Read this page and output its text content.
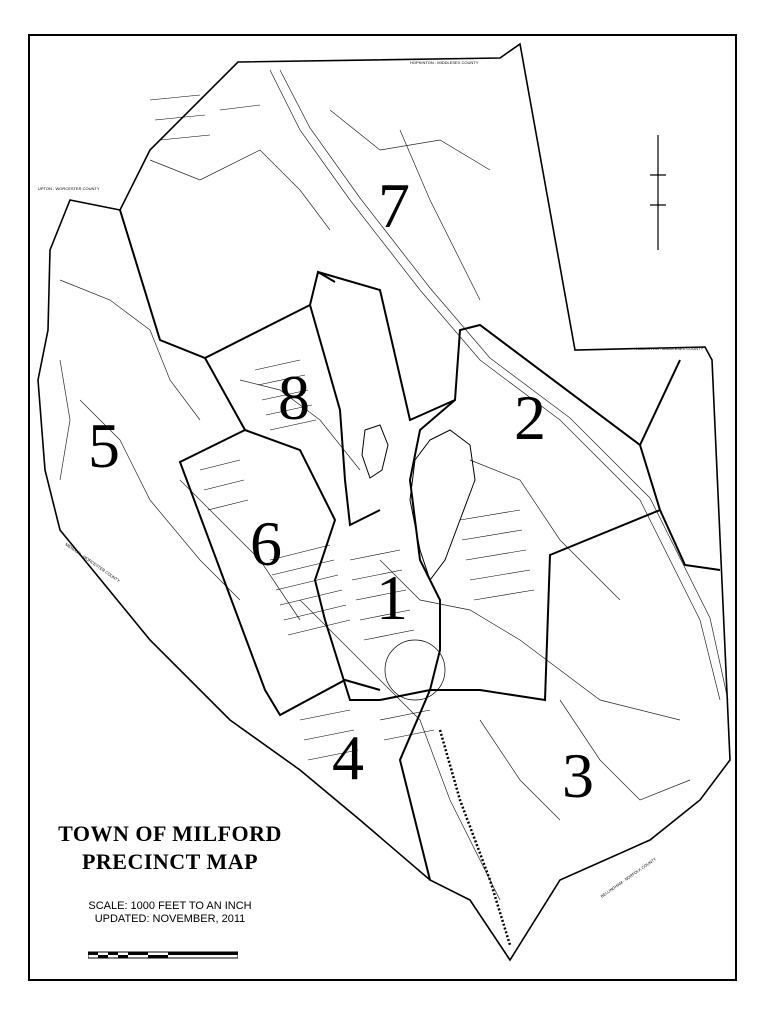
1
2
3
4
5
6
7
8
HOPKINTON - MIDDLESEX COUNTY
UPTON - WORCESTER COUNTY
HOLLISTON - MIDDLESEX COUNTY
MENDON - WORCESTER COUNTY
BELLINGHAM - NORFOLK COUNTY
TOWN OF MILFORD
PRECINCT MAP
SCALE: 1000 FEET TO AN INCH
UPDATED: NOVEMBER, 2011
